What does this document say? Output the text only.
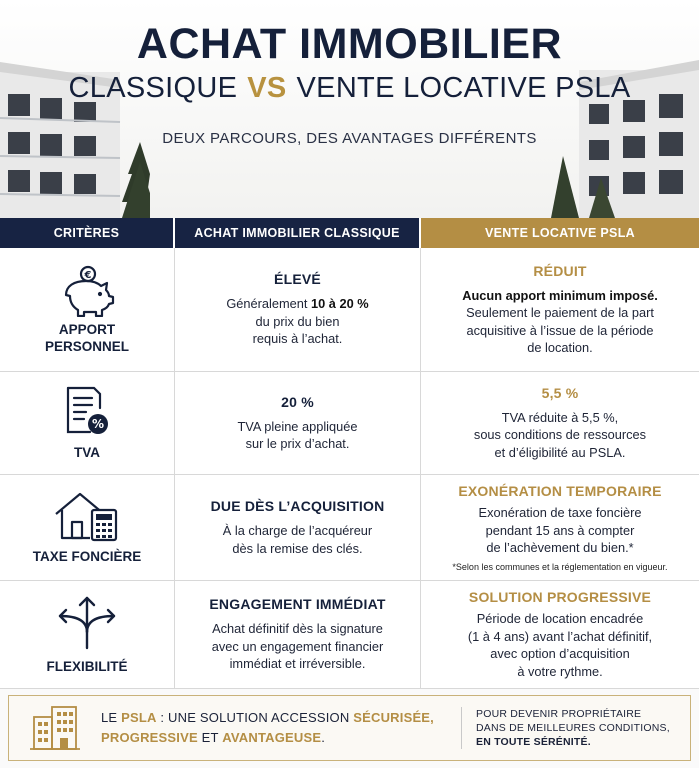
ACHAT IMMOBILIER
CLASSIQUE VS VENTE LOCATIVE PSLA
DEUX PARCOURS, DES AVANTAGES DIFFÉRENTS
CRITÈRES	ACHAT IMMOBILIER CLASSIQUE	VENTE LOCATIVE PSLA
€
APPORT
PERSONNEL
ÉLEVÉ
Généralement 10 à 20 %
du prix du bien
requis à l’achat.
RÉDUIT
Aucun apport minimum imposé.
Seulement le paiement de la part
acquisitive à l’issue de la période
de location.
%
TVA
20 %
TVA pleine appliquée
sur le prix d’achat.
5,5 %
TVA réduite à 5,5 %,
sous conditions de ressources
et d’éligibilité au PSLA.
TAXE FONCIÈRE
DUE DÈS L’ACQUISITION
À la charge de l’acquéreur
dès la remise des clés.
EXONÉRATION TEMPORAIRE
Exonération de taxe foncière
pendant 15 ans à compter
de l’achèvement du bien.*
*Selon les communes et la réglementation en vigueur.
FLEXIBILITÉ
ENGAGEMENT IMMÉDIAT
Achat définitif dès la signature
avec un engagement financier
immédiat et irréversible.
SOLUTION PROGRESSIVE
Période de location encadrée
(1 à 4 ans) avant l’achat définitif,
avec option d’acquisition
à votre rythme.
LE PSLA : UNE SOLUTION ACCESSION SÉCURISÉE,
PROGRESSIVE ET AVANTAGEUSE.
POUR DEVENIR PROPRIÉTAIRE
DANS DE MEILLEURES CONDITIONS,
EN TOUTE SÉRÉNITÉ.
